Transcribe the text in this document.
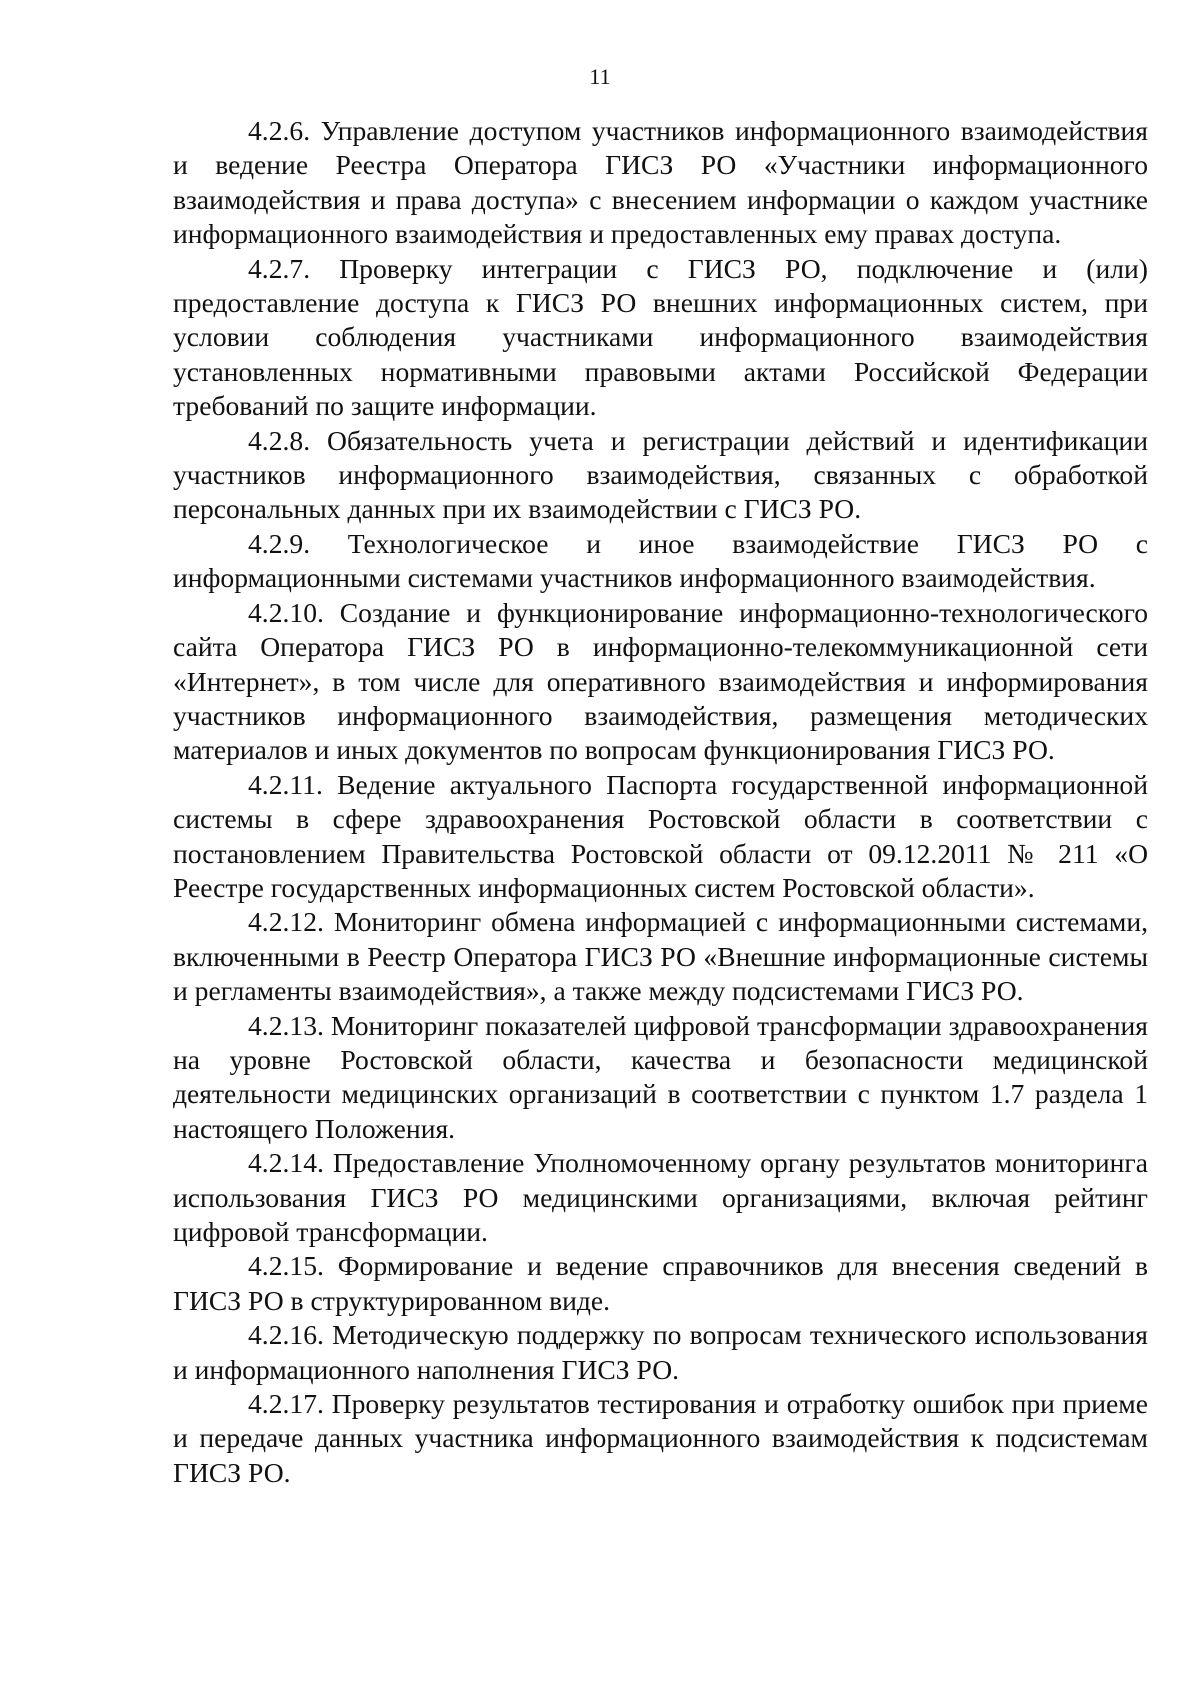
11

4.2.6. Управление доступом участников информационного взаимодействия и ведение Реестра Оператора ГИСЗ РО «Участники информационного взаимодействия и права доступа» с внесением информации о каждом участнике информационного взаимодействия и предоставленных ему правах доступа.

4.2.7. Проверку интеграции с ГИСЗ РО, подключение и (или) предоставление доступа к ГИСЗ РО внешних информационных систем, при условии соблюдения участниками информационного взаимодействия установленных нормативными правовыми актами Российской Федерации требований по защите информации.

4.2.8. Обязательность учета и регистрации действий и идентификации участников информационного взаимодействия, связанных с обработкой персональных данных при их взаимодействии с ГИСЗ РО.

4.2.9. Технологическое и иное взаимодействие ГИСЗ РО с информационными системами участников информационного взаимодействия.

4.2.10. Создание и функционирование информационно-технологического сайта Оператора ГИСЗ РО в информационно-телекоммуникационной сети «Интернет», в том числе для оперативного взаимодействия и информирования участников информационного взаимодействия, размещения методических материалов и иных документов по вопросам функционирования ГИСЗ РО.

4.2.11. Ведение актуального Паспорта государственной информационной системы в сфере здравоохранения Ростовской области в соответствии с постановлением Правительства Ростовской области от 09.12.2011 № 211 «О Реестре государственных информационных систем Ростовской области».

4.2.12. Мониторинг обмена информацией с информационными системами, включенными в Реестр Оператора ГИСЗ РО «Внешние информационные системы и регламенты взаимодействия», а также между подсистемами ГИСЗ РО.

4.2.13. Мониторинг показателей цифровой трансформации здравоохранения на уровне Ростовской области, качества и безопасности медицинской деятельности медицинских организаций в соответствии с пунктом 1.7 раздела 1 настоящего Положения.

4.2.14. Предоставление Уполномоченному органу результатов мониторинга использования ГИСЗ РО медицинскими организациями, включая рейтинг цифровой трансформации.

4.2.15. Формирование и ведение справочников для внесения сведений в ГИСЗ РО в структурированном виде.

4.2.16. Методическую поддержку по вопросам технического использования и информационного наполнения ГИСЗ РО.

4.2.17. Проверку результатов тестирования и отработку ошибок при приеме и передаче данных участника информационного взаимодействия к подсистемам ГИСЗ РО.
